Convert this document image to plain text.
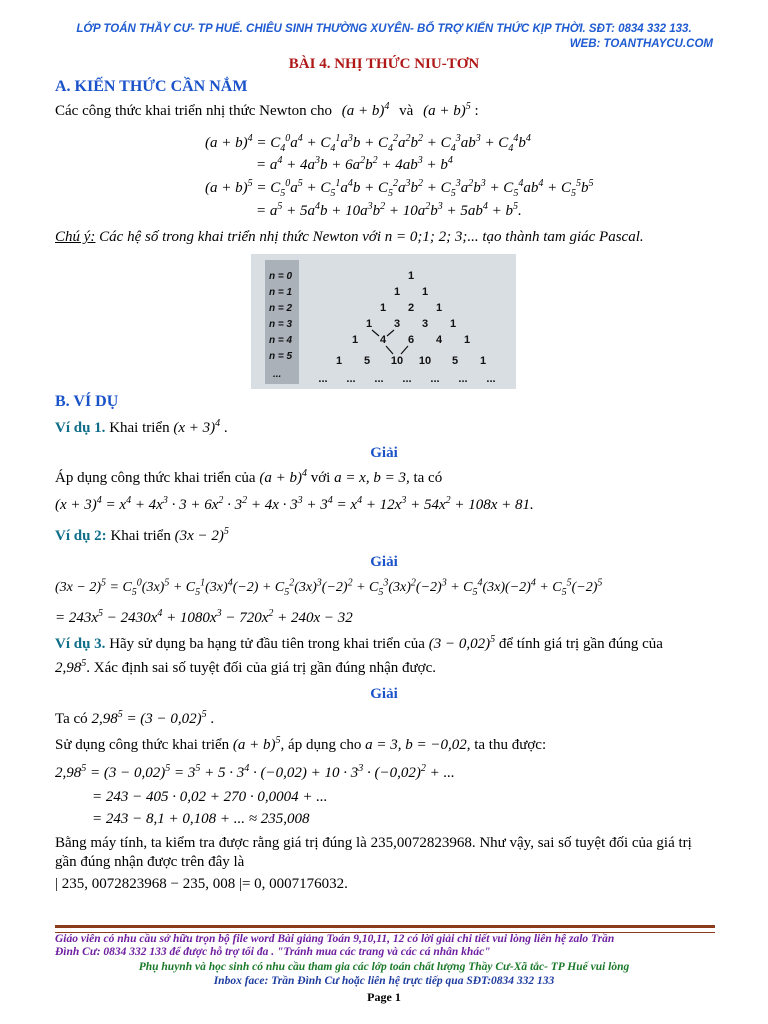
LỚP TOÁN THẦY CƯ- TP HUẾ. CHIÊU SINH THƯỜNG XUYÊN- BỔ TRỢ KIẾN THỨC KỊP THỜI. SĐT: 0834 332 133.
WEB: TOANTHAYCU.COM
BÀI 4. NHỊ THỨC NIU-TƠN
A. KIẾN THỨC CẦN NẮM
Các công thức khai triển nhị thức Newton cho $(a + b)^4$ và $(a + b)^5$ :
$(a + b)^4 = C_4^0a^4 + C_4^1a^3b + C_4^2a^2b^2 + C_4^3ab^3 + C_4^4b^4$
= $a^4 + 4a^3b + 6a^2b^2 + 4ab^3 + b^4$
$(a + b)^5 = C_5^0a^5 + C_5^1a^4b + C_5^2a^3b^2 + C_5^3a^2b^3 + C_5^4ab^4 + C_5^5b^5$
= $a^5 + 5a^4b + 10a^3b^2 + 10a^2b^3 + 5ab^4 + b^5$.
Chú ý: Các hệ số trong khai triển nhị thức Newton với n = 0;1; 2; 3;... tạo thành tam giác Pascal.
n = 0
n = 1
n = 2
n = 3
n = 4
n = 5
...
1
1 1
1 2 1
1 3 3 1
1 4 6 4 1
1 5 10 10 5 1
... ... ... ... ... ... ...
B. VÍ DỤ
Ví dụ 1. Khai triển $(x + 3)^4$ .
Giải
Áp dụng công thức khai triển của $(a + b)^4$ với a = x, b = 3, ta có
$(x + 3)^4 = x^4 + 4x^3 \cdot 3 + 6x^2 \cdot 3^2 + 4x \cdot 3^3 + 3^4 = x^4 + 12x^3 + 54x^2 + 108x + 81$.
Ví dụ 2: Khai triển $(3x - 2)^5$
Giải
$(3x - 2)^5 = C_5^0(3x)^5 + C_5^1(3x)^4(-2) + C_5^2(3x)^3(-2)^2 + C_5^3(3x)^2(-2)^3 + C_5^4(3x)(-2)^4 + C_5^5(-2)^5$
= $243x^5 - 2430x^4 + 1080x^3 - 720x^2 + 240x - 32$
Ví dụ 3. Hãy sử dụng ba hạng tử đầu tiên trong khai triển của $(3 - 0,02)^5$ để tính giá trị gần đúng của
2,98$^5$. Xác định sai số tuyệt đối của giá trị gần đúng nhận được.
Giải
Ta có $2,98^5 = (3 - 0,02)^5$ .
Sử dụng công thức khai triển $(a + b)^5$, áp dụng cho a = 3, b = −0,02, ta thu được:
$2,98^5 = (3 - 0,02)^5 = 3^5 + 5 \cdot 3^4 \cdot (-0,02) + 10 \cdot 3^3 \cdot (-0,02)^2$ + ...
= 243 − 405 · 0,02 + 270 · 0,0004 + ...
= 243 − 8,1 + 0,108 + ... ≈ 235,008
Bằng máy tính, ta kiểm tra được rằng giá trị đúng là 235,0072823968. Như vậy, sai số tuyệt đối của giá trị
gần đúng nhận được trên đây là
| 235, 0072823968 − 235, 008 |= 0, 0007176032.
Giáo viên có nhu cầu sở hữu trọn bộ file word Bài giảng Toán 9,10,11, 12 có lời giải chi tiết vui lòng liên hệ zalo Trần
Đình Cư: 0834 332 133 để được hỗ trợ tối đa . "Tránh mua các trang và các cá nhân khác"
Phụ huynh và học sinh có nhu cầu tham gia các lớp toán chất lượng Thầy Cư-Xã tắc- TP Huế vui lòng
Inbox face: Trần Đình Cư hoặc liên hệ trực tiếp qua SĐT:0834 332 133
Page 1
